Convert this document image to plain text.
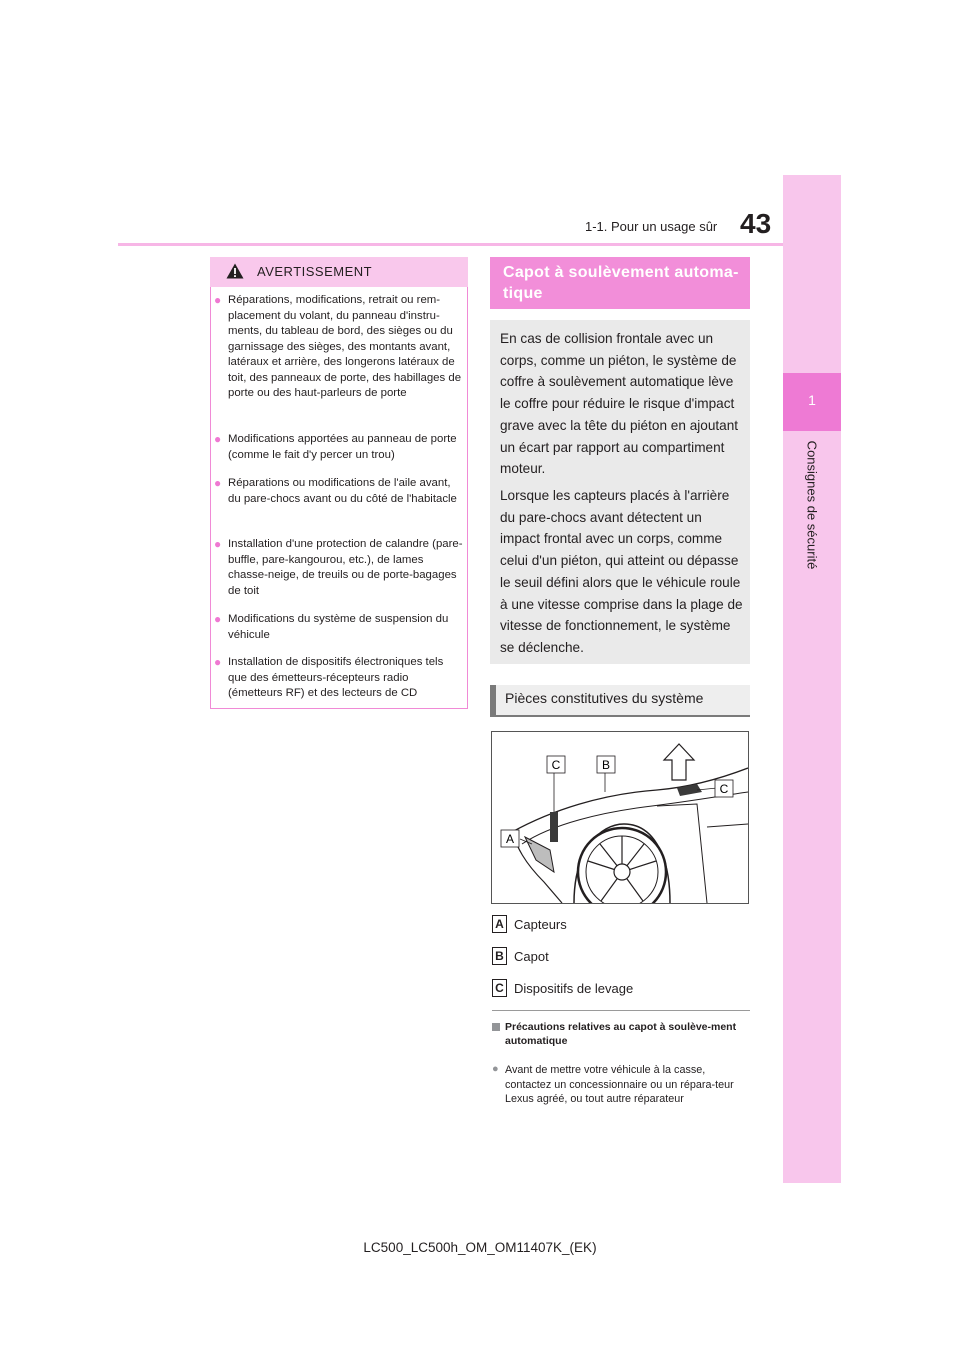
1-1. Pour un usage sûr 43
1
Consignes de sécurité
AVERTISSEMENT
● Réparations, modifications, retrait ou rem-placement du volant, du panneau d'instru-ments, du tableau de bord, des sièges ou du garnissage des sièges, des montants avant, latéraux et arrière, des longerons latéraux de toit, des panneaux de porte, des habillages de porte ou des haut-parleurs de porte
● Modifications apportées au panneau de porte (comme le fait d'y percer un trou)
● Réparations ou modifications de l'aile avant, du pare-chocs avant ou du côté de l'habitacle
● Installation d'une protection de calandre (pare-buffle, pare-kangourou, etc.), de lames chasse-neige, de treuils ou de porte-bagages de toit
● Modifications du système de suspension du véhicule
● Installation de dispositifs électroniques tels que des émetteurs-récepteurs radio (émetteurs RF) et des lecteurs de CD
Capot à soulèvement automa-tique
En cas de collision frontale avec un corps, comme un piéton, le système de coffre à soulèvement automatique lève le coffre pour réduire le risque d'impact grave avec la tête du piéton en ajoutant un écart par rapport au compartiment moteur.
Lorsque les capteurs placés à l'arrière du pare-chocs avant détectent un impact frontal avec un corps, comme celui d'un piéton, qui atteint ou dépasse le seuil défini alors que le véhicule roule à une vitesse comprise dans la plage de vitesse de fonctionnement, le système se déclenche.
Pièces constitutives du système
C	B
C
A
A Capteurs
B Capot
C Dispositifs de levage
Précautions relatives au capot à soulève-ment automatique
● Avant de mettre votre véhicule à la casse, contactez un concessionnaire ou un répara-teur Lexus agréé, ou tout autre réparateur
LC500_LC500h_OM_OM11407K_(EK)
